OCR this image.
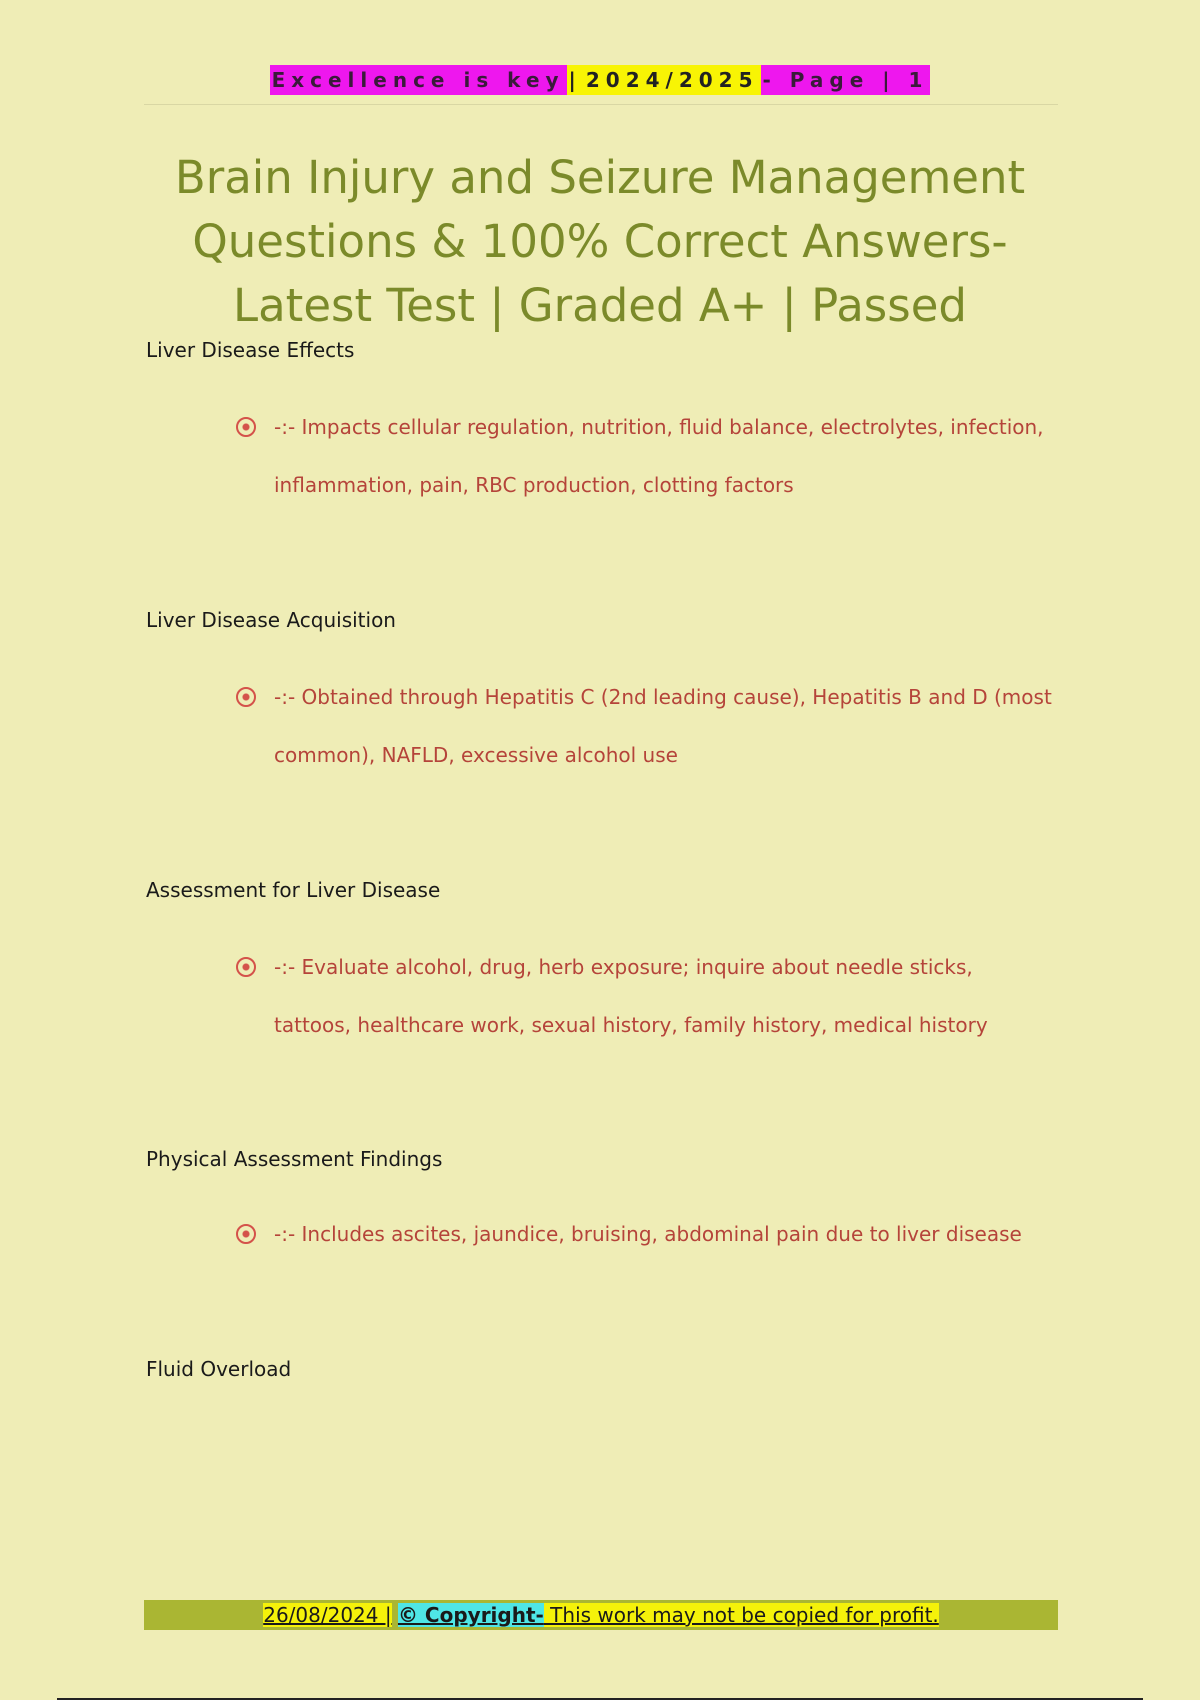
Excellence is key | 2024/2025 - Page | 1
Brain Injury and Seizure Management Questions & 100% Correct Answers- Latest Test | Graded A+ | Passed
Liver Disease Effects
-:- Impacts cellular regulation, nutrition, fluid balance, electrolytes, infection, inflammation, pain, RBC production, clotting factors
Liver Disease Acquisition
-:- Obtained through Hepatitis C (2nd leading cause), Hepatitis B and D (most common), NAFLD, excessive alcohol use
Assessment for Liver Disease
-:- Evaluate alcohol, drug, herb exposure; inquire about needle sticks, tattoos, healthcare work, sexual history, family history, medical history
Physical Assessment Findings
-:- Includes ascites, jaundice, bruising, abdominal pain due to liver disease
Fluid Overload
26/08/2024 | © Copyright- This work may not be copied for profit.
